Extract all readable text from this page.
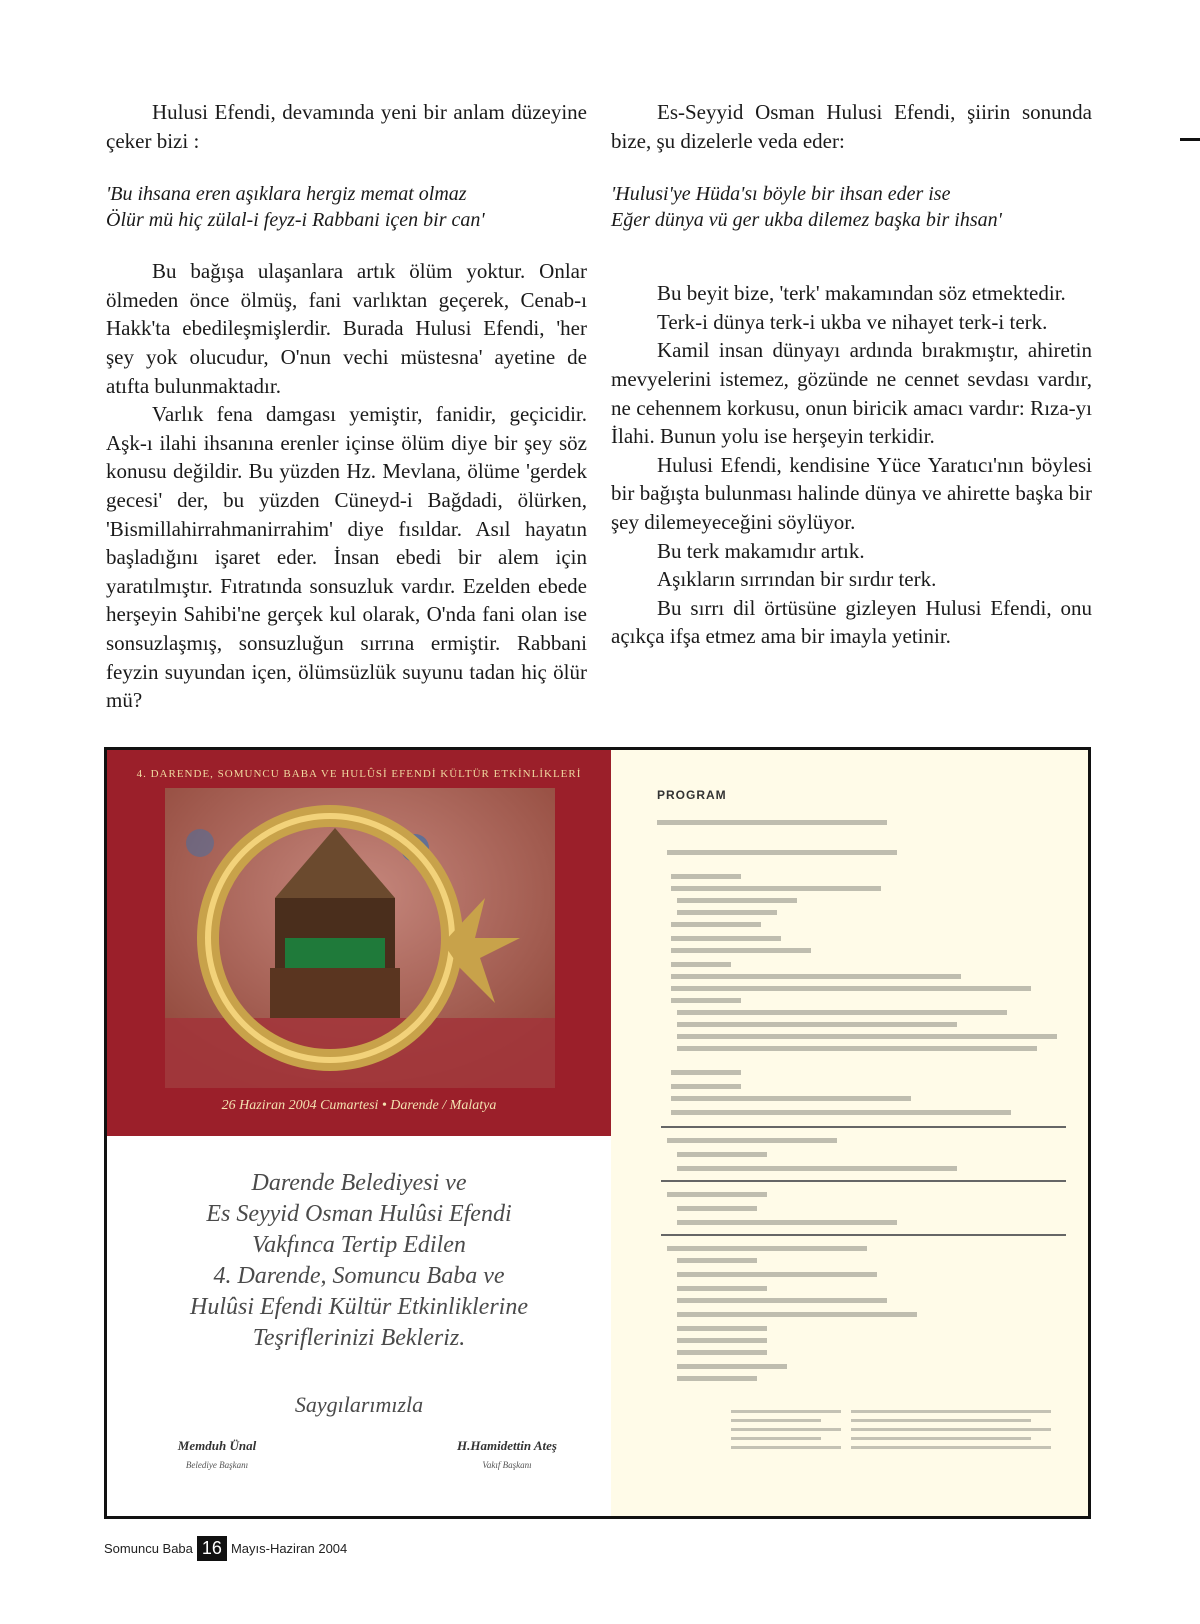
Hulusi Efendi, devamında yeni bir anlam düzeyine çeker bizi :

'Bu ihsana eren aşıklara hergiz memat olmaz

Ölür mü hiç zülal-i feyz-i Rabbani içen bir can'

Bu bağışa ulaşanlara artık ölüm yoktur. Onlar ölmeden önce ölmüş, fani varlıktan geçerek, Cenab-ı Hakk'ta ebedileşmişlerdir. Burada Hulusi Efendi, 'her şey yok olucudur, O'nun vechi müstesna' ayetine de atıfta bulunmaktadır.

Varlık fena damgası yemiştir, fanidir, geçicidir. Aşk-ı ilahi ihsanına erenler içinse ölüm diye bir şey söz konusu değildir. Bu yüzden Hz. Mevlana, ölüme 'gerdek gecesi' der, bu yüzden Cüneyd-i Bağdadi, ölürken, 'Bismillahirrahmanirrahim' diye fısıldar. Asıl hayatın başladığını işaret eder. İnsan ebedi bir alem için yaratılmıştır. Fıtratında sonsuzluk vardır. Ezelden ebede herşeyin Sahibi'ne gerçek kul olarak, O'nda fani olan ise sonsuzlaşmış, sonsuzluğun sırrına ermiştir. Rabbani feyzin suyundan içen, ölümsüzlük suyunu tadan hiç ölür mü?

Es-Seyyid Osman Hulusi Efendi, şiirin sonunda bize, şu dizelerle veda eder:

'Hulusi'ye Hüda'sı böyle bir ihsan eder ise

Eğer dünya vü ger ukba dilemez başka bir ihsan'

Bu beyit bize, 'terk' makamından söz etmektedir.

Terk-i dünya terk-i ukba ve nihayet terk-i terk.

Kamil insan dünyayı ardında bırakmıştır, ahiretin mevyelerini istemez, gözünde ne cennet sevdası vardır, ne cehennem korkusu, onun biricik amacı vardır: Rıza-yı İlahi. Bunun yolu ise herşeyin terkidir.

Hulusi Efendi, kendisine Yüce Yaratıcı'nın böylesi bir bağışta bulunması halinde dünya ve ahirette başka bir şey dilemeyeceğini söylüyor.

Bu terk makamıdır artık.

Aşıkların sırrından bir sırdır terk.

Bu sırrı dil örtüsüne gizleyen Hulusi Efendi, onu açıkça ifşa etmez ama bir imayla yetinir.

4. DARENDE, SOMUNCU BABA VE HULÛSİ EFENDİ KÜLTÜR ETKİNLİKLERİ
26 Haziran 2004 Cumartesi • Darende / Malatya
Darende Belediyesi ve
Es Seyyid Osman Hulûsi Efendi
Vakfınca Tertip Edilen
4. Darende, Somuncu Baba ve
Hulûsi Efendi Kültür Etkinliklerine
Teşriflerinizi Bekleriz.
Saygılarımızla
Memduh Ünal
Belediye Başkanı
H.Hamidettin Ateş
Vakıf Başkanı
PROGRAM
Somuncu Baba 16 Mayıs-Haziran 2004
